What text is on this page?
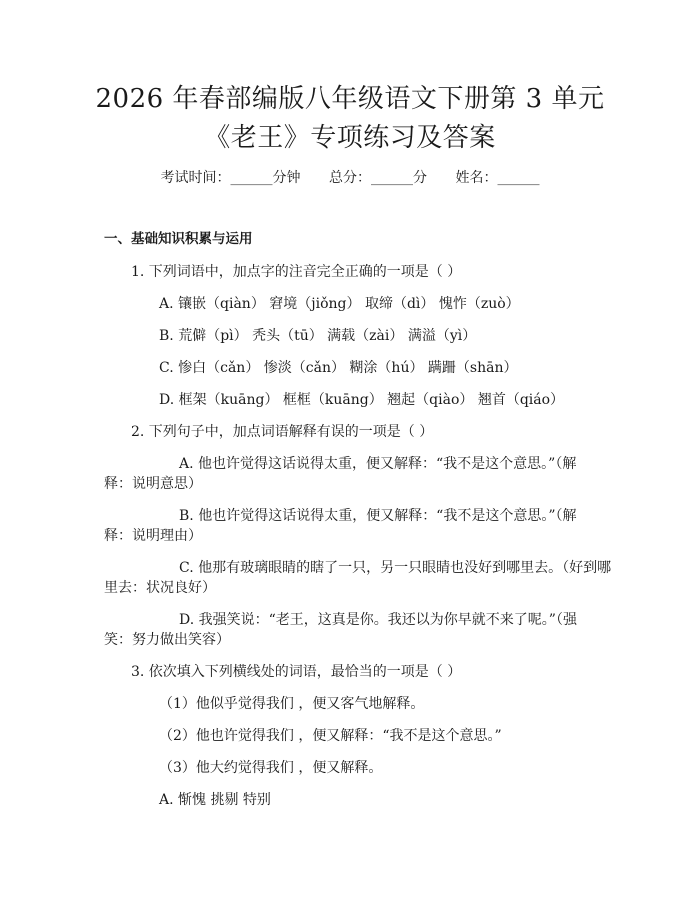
2026 年春部编版八年级语文下册第 3 单元
《老王》专项练习及答案
考试时间：______分钟 总分：______分 姓名：______
一、基础知识积累与运用
1. 下列词语中，加点字的注音完全正确的一项是（ ）
A. 镶嵌（qiàn） 窘境（jiǒng） 取缔（dì） 愧怍（zuò）
B. 荒僻（pì） 秃头（tū） 满载（zài） 满溢（yì）
C. 惨白（cǎn） 惨淡（cǎn） 糊涂（hú） 蹒跚（shān）
D. 框架（kuāng） 框框（kuāng） 翘起（qiào） 翘首（qiáo）
2. 下列句子中，加点词语解释有误的一项是（ ）
A. 他也许觉得这话说得太重，便又解释：“我不是这个意思。”（解
释：说明意思）
B. 他也许觉得这话说得太重，便又解释：“我不是这个意思。”（解
释：说明理由）
C. 他那有玻璃眼睛的瞎了一只，另一只眼睛也没好到哪里去。（好到哪
里去：状况良好）
D. 我强笑说：“老王，这真是你。我还以为你早就不来了呢。”（强
笑：努力做出笑容）
3. 依次填入下列横线处的词语，最恰当的一项是（ ）
（1）他似乎觉得我们 ，便又客气地解释。
（2）他也许觉得我们 ，便又解释：“我不是这个意思。”
（3）他大约觉得我们 ，便又解释。
A. 惭愧 挑剔 特别
